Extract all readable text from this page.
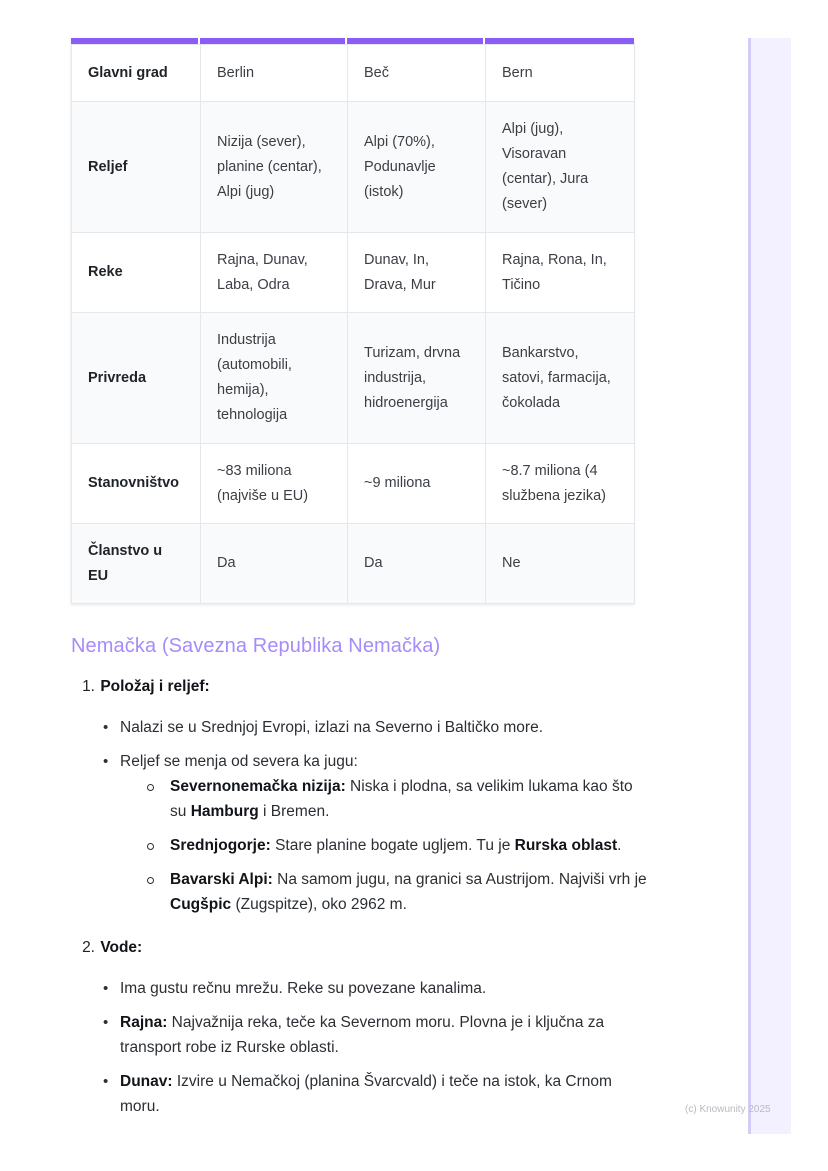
Glavni grad	Berlin	Beč	Bern
Reljef	Nizija (sever), planine (centar), Alpi (jug)	Alpi (70%), Podunavlje (istok)	Alpi (jug), Visoravan (centar), Jura (sever)
Reke	Rajna, Dunav, Laba, Odra	Dunav, In, Drava, Mur	Rajna, Rona, In, Tičino
Privreda	Industrija (automobili, hemija), tehnologija	Turizam, drvna industrija, hidroenergija	Bankarstvo, satovi, farmacija, čokolada
Stanovništvo	~83 miliona (najviše u EU)	~9 miliona	~8.7 miliona (4 službena jezika)
Članstvo u EU	Da	Da	Ne
Nemačka (Savezna Republika Nemačka)
1. Položaj i reljef:
• Nalazi se u Srednjoj Evropi, izlazi na Severno i Baltičko more.
• Reljef se menja od severa ka jugu:
Severnonemačka nizija: Niska i plodna, sa velikim lukama kao što su Hamburg i Bremen.
Srednjogorje: Stare planine bogate ugljem. Tu je Rurska oblast.
Bavarski Alpi: Na samom jugu, na granici sa Austrijom. Najviši vrh je Cugšpic (Zugspitze), oko 2962 m.
2. Vode:
• Ima gustu rečnu mrežu. Reke su povezane kanalima.
• Rajna: Najvažnija reka, teče ka Severnom moru. Plovna je i ključna za transport robe iz Rurske oblasti.
• Dunav: Izvire u Nemačkoj (planina Švarcvald) i teče na istok, ka Crnom moru.	(c) Knowunity 2025
